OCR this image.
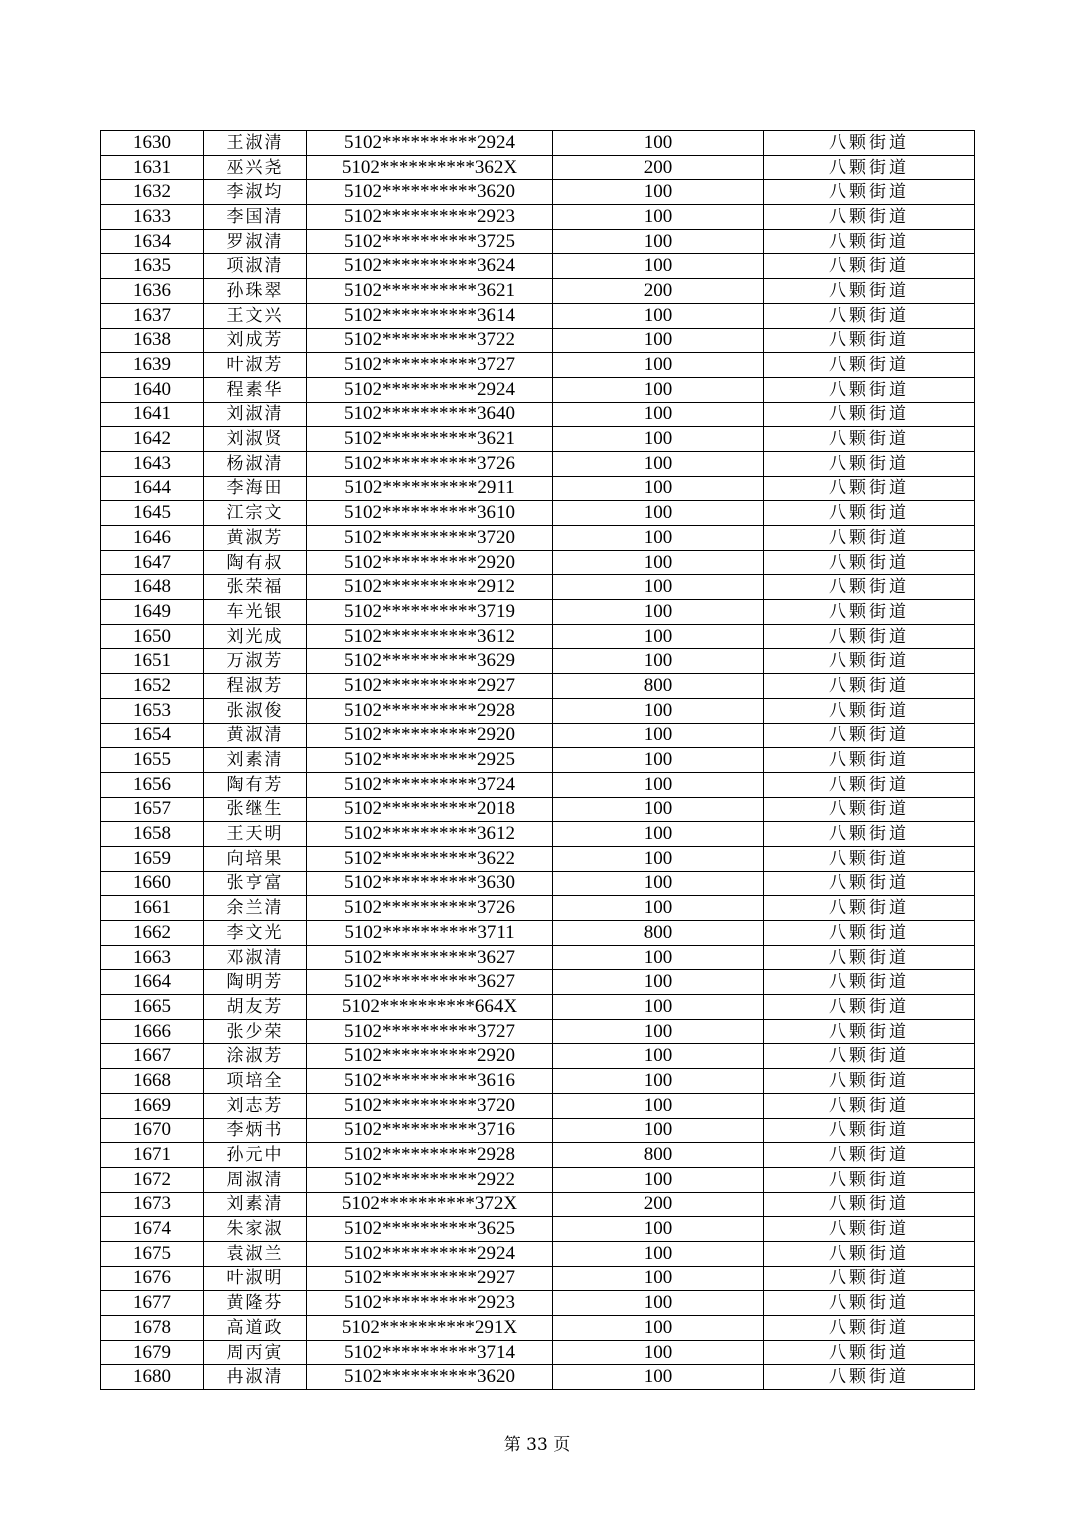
1630	王淑清	5102**********2924	100	八颗街道
1631	巫兴尧	5102**********362X	200	八颗街道
1632	李淑均	5102**********3620	100	八颗街道
1633	李国清	5102**********2923	100	八颗街道
1634	罗淑清	5102**********3725	100	八颗街道
1635	项淑清	5102**********3624	100	八颗街道
1636	孙珠翠	5102**********3621	200	八颗街道
1637	王文兴	5102**********3614	100	八颗街道
1638	刘成芳	5102**********3722	100	八颗街道
1639	叶淑芳	5102**********3727	100	八颗街道
1640	程素华	5102**********2924	100	八颗街道
1641	刘淑清	5102**********3640	100	八颗街道
1642	刘淑贤	5102**********3621	100	八颗街道
1643	杨淑清	5102**********3726	100	八颗街道
1644	李海田	5102**********2911	100	八颗街道
1645	江宗文	5102**********3610	100	八颗街道
1646	黄淑芳	5102**********3720	100	八颗街道
1647	陶有叔	5102**********2920	100	八颗街道
1648	张荣福	5102**********2912	100	八颗街道
1649	车光银	5102**********3719	100	八颗街道
1650	刘光成	5102**********3612	100	八颗街道
1651	万淑芳	5102**********3629	100	八颗街道
1652	程淑芳	5102**********2927	800	八颗街道
1653	张淑俊	5102**********2928	100	八颗街道
1654	黄淑清	5102**********2920	100	八颗街道
1655	刘素清	5102**********2925	100	八颗街道
1656	陶有芳	5102**********3724	100	八颗街道
1657	张继生	5102**********2018	100	八颗街道
1658	王天明	5102**********3612	100	八颗街道
1659	向培果	5102**********3622	100	八颗街道
1660	张亨富	5102**********3630	100	八颗街道
1661	余兰清	5102**********3726	100	八颗街道
1662	李文光	5102**********3711	800	八颗街道
1663	邓淑清	5102**********3627	100	八颗街道
1664	陶明芳	5102**********3627	100	八颗街道
1665	胡友芳	5102**********664X	100	八颗街道
1666	张少荣	5102**********3727	100	八颗街道
1667	涂淑芳	5102**********2920	100	八颗街道
1668	项培全	5102**********3616	100	八颗街道
1669	刘志芳	5102**********3720	100	八颗街道
1670	李炳书	5102**********3716	100	八颗街道
1671	孙元中	5102**********2928	800	八颗街道
1672	周淑清	5102**********2922	100	八颗街道
1673	刘素清	5102**********372X	200	八颗街道
1674	朱家淑	5102**********3625	100	八颗街道
1675	袁淑兰	5102**********2924	100	八颗街道
1676	叶淑明	5102**********2927	100	八颗街道
1677	黄隆芬	5102**********2923	100	八颗街道
1678	高道政	5102**********291X	100	八颗街道
1679	周丙寅	5102**********3714	100	八颗街道
1680	冉淑清	5102**********3620	100	八颗街道
第 33 页
